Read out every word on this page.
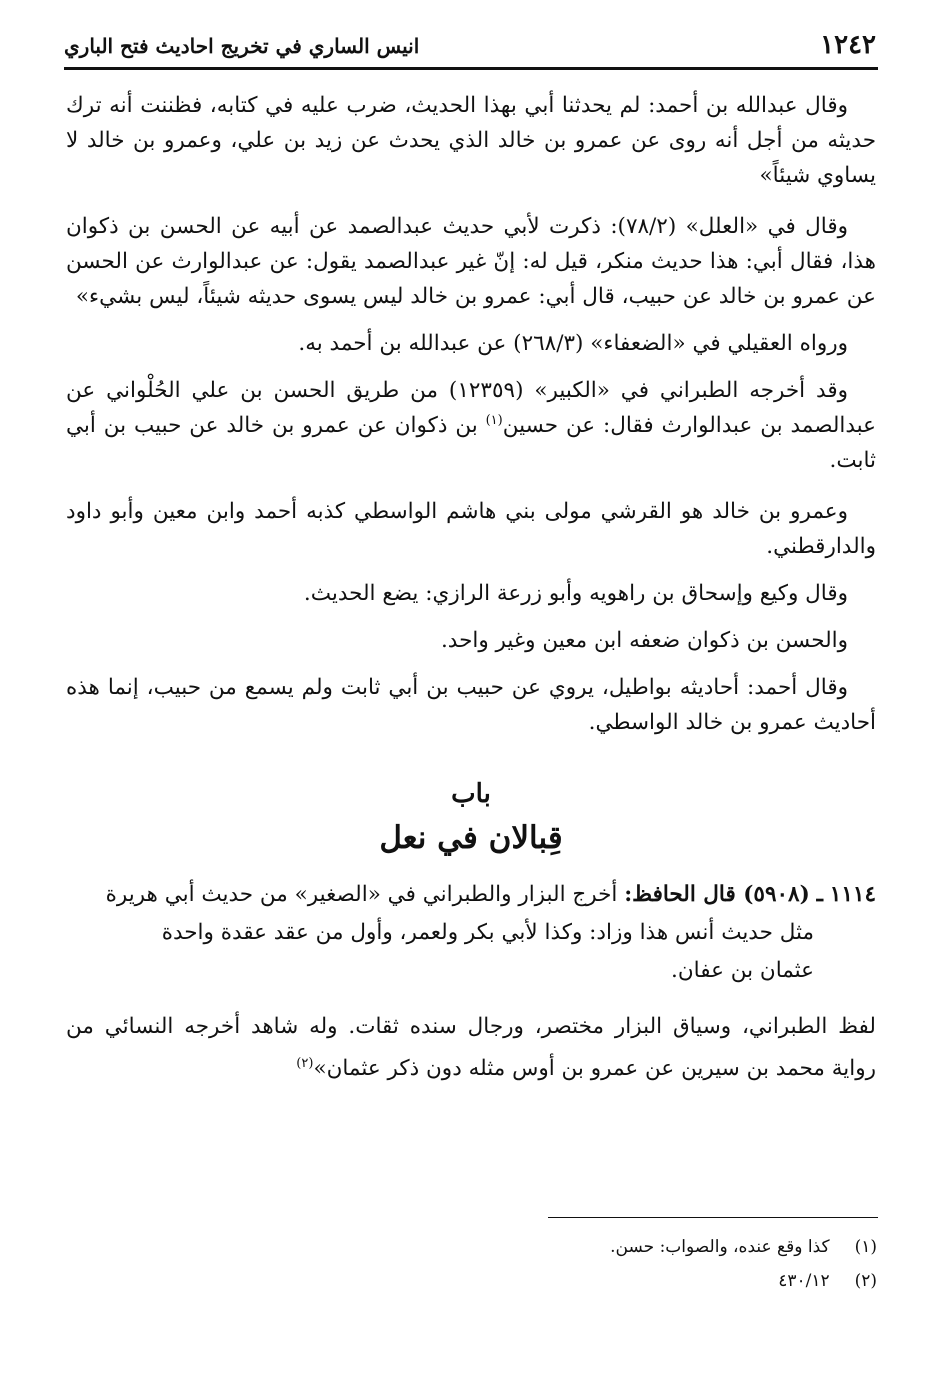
١٢٤٢
انيس الساري في تخريج احاديث فتح الباري

وقال عبدالله بن أحمد: لم يحدثنا أبي بهذا الحديث، ضرب عليه في كتابه، فظننت أنه ترك حديثه من أجل أنه روى عن عمرو بن خالد الذي يحدث عن زيد بن علي، وعمرو بن خالد لا يساوي شيئاً»

وقال في «العلل» (٧٨/٢): ذكرت لأبي حديث عبدالصمد عن أبيه عن الحسن بن ذكوان هذا، فقال أبي: هذا حديث منكر، قيل له: إنّ غير عبدالصمد يقول: عن عبدالوارث عن الحسن عن عمرو بن خالد عن حبيب، قال أبي: عمرو بن خالد ليس يسوى حديثه شيئاً، ليس بشيء»

ورواه العقيلي في «الضعفاء» (٢٦٨/٣) عن عبدالله بن أحمد به.

وقد أخرجه الطبراني في «الكبير» (١٢٣٥٩) من طريق الحسن بن علي الحُلْواني عن عبدالصمد بن عبدالوارث فقال: عن حسين$^{(١)}$ بن ذكوان عن عمرو بن خالد عن حبيب بن أبي ثابت.

وعمرو بن خالد هو القرشي مولى بني هاشم الواسطي كذبه أحمد وابن معين وأبو داود والدارقطني.

وقال وكيع وإسحاق بن راهويه وأبو زرعة الرازي: يضع الحديث.

والحسن بن ذكوان ضعفه ابن معين وغير واحد.

وقال أحمد: أحاديثه بواطيل، يروي عن حبيب بن أبي ثابت ولم يسمع من حبيب، إنما هذه أحاديث عمرو بن خالد الواسطي.

باب
قِبالان في نعل
١١١٤ ـ (٥٩٠٨) قال الحافظ: أخرج البزار والطبراني في «الصغير» من حديث أبي هريرة
مثل حديث أنس هذا وزاد: وكذا لأبي بكر ولعمر، وأول من عقد عقدة واحدة
عثمان بن عفان.

لفظ الطبراني، وسياق البزار مختصر، ورجال سنده ثقات. وله شاهد أخرجه النسائي من رواية محمد بن سيرين عن عمرو بن أوس مثله دون ذكر عثمان»$^{(٢)}$

(١) كذا وقع عنده، والصواب: حسن.
(٢) ٤٣٠/١٢
